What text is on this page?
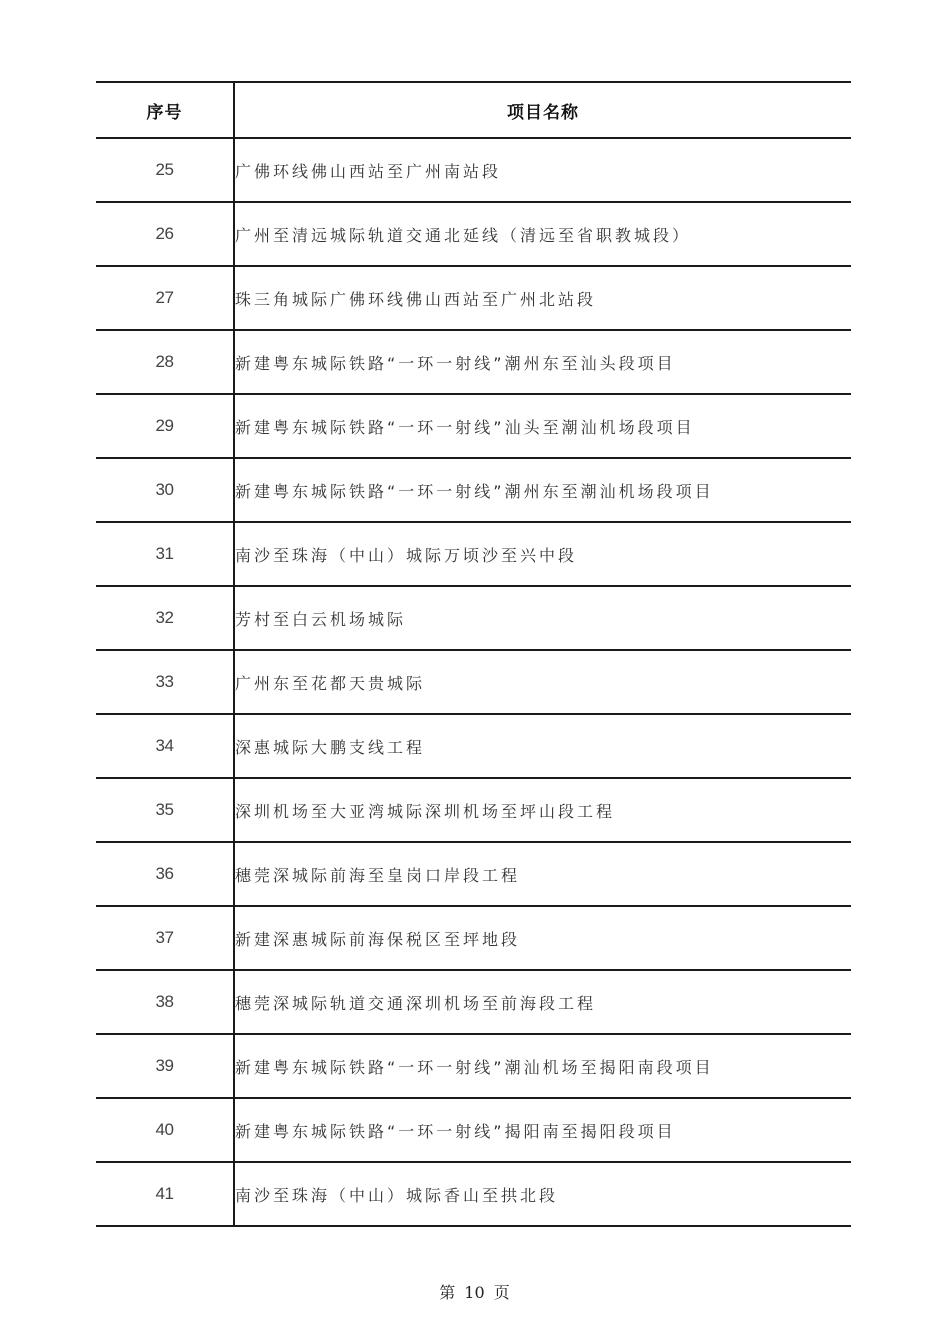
序号	项目名称
25	广佛环线佛山西站至广州南站段
26	广州至清远城际轨道交通北延线（清远至省职教城段）
27	珠三角城际广佛环线佛山西站至广州北站段
28	新建粤东城际铁路“一环一射线”潮州东至汕头段项目
29	新建粤东城际铁路“一环一射线”汕头至潮汕机场段项目
30	新建粤东城际铁路“一环一射线”潮州东至潮汕机场段项目
31	南沙至珠海（中山）城际万顷沙至兴中段
32	芳村至白云机场城际
33	广州东至花都天贵城际
34	深惠城际大鹏支线工程
35	深圳机场至大亚湾城际深圳机场至坪山段工程
36	穗莞深城际前海至皇岗口岸段工程
37	新建深惠城际前海保税区至坪地段
38	穗莞深城际轨道交通深圳机场至前海段工程
39	新建粤东城际铁路“一环一射线”潮汕机场至揭阳南段项目
40	新建粤东城际铁路“一环一射线”揭阳南至揭阳段项目
41	南沙至珠海（中山）城际香山至拱北段
第 10 页
